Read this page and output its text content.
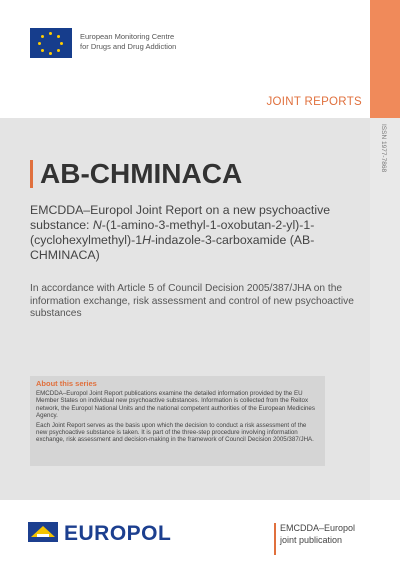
European Monitoring Centre
for Drugs and Drug Addiction
JOINT REPORTS
ISSN 1977-7868
AB-CHMINACA
EMCDDA–Europol Joint Report on a new psychoactive substance: N-(1-amino-3-methyl-1-oxobutan-2-yl)-1-(cyclohexylmethyl)-1H-indazole-3-carboxamide (AB-CHMINACA)
In accordance with Article 5 of Council Decision 2005/387/JHA on the information exchange, risk assessment and control of new psychoactive substances
About this series
EMCDDA–Europol Joint Report publications examine the detailed information provided by the EU Member States on individual new psychoactive substances. Information is collected from the Reitox network, the Europol National Units and the national competent authorities of the European Medicines Agency.
Each Joint Report serves as the basis upon which the decision to conduct a risk assessment of the new psychoactive substance is taken. It is part of the three-step procedure involving information exchange, risk assessment and decision-making in the framework of Council Decision 2005/387/JHA.
EUROPOL	EMCDDA–Europol
joint publication
